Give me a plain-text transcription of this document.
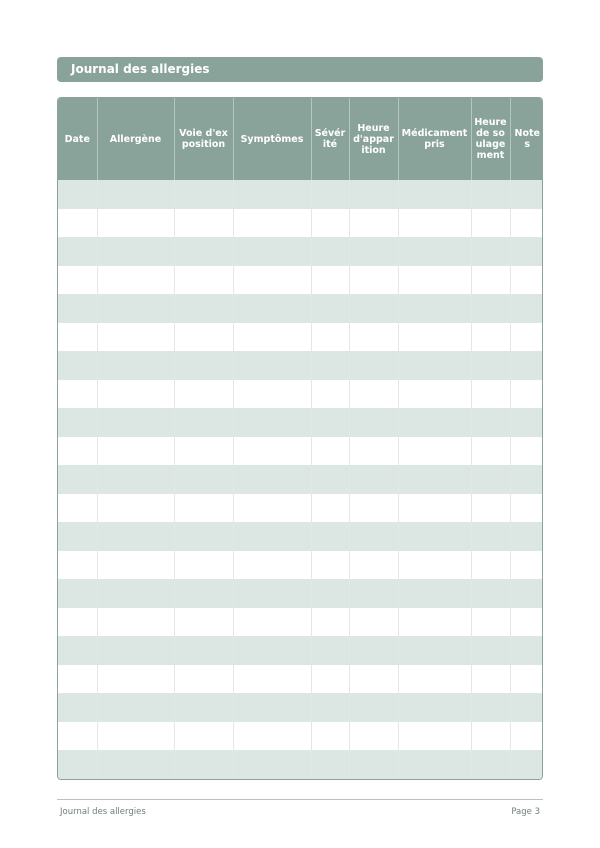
Journal des allergies
Date	Allergène	Voie d'exposition	Symptômes	Sévérité	Heure d'apparition	Médicament pris	Heure de soulagement	Notes

Journal des allergies	Page 3
